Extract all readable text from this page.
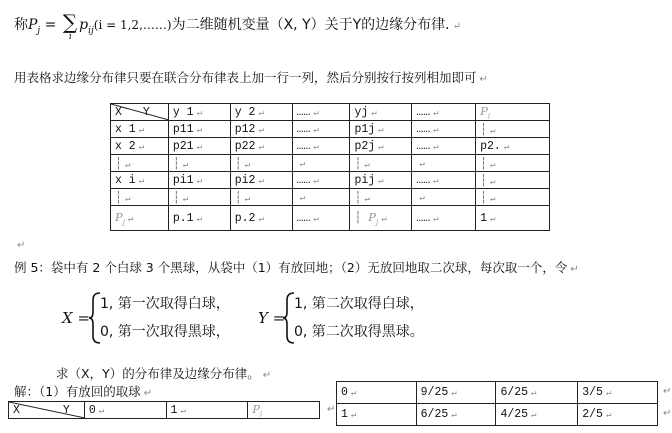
称$P_j$ = ∑
i
$p_{ij}(i$ = 1,2,……)为二维随机变量（X, Y）关于Y的边缘分布律. ↵
用表格求边缘分布律只要在联合分布律表上加一行一列，然后分别按行按列相加即可 ↵
X Y	y 1 ↵	y 2 ↵	…… ↵	yj ↵	…… ↵	$P_i$
x 1 ↵	p11 ↵	p12 ↵	…… ↵	p1j ↵	…… ↵	┆ ↵
x 2 ↵	p21 ↵	p22 ↵	…… ↵	p2j ↵	…… ↵	p2. ↵
┆ ↵	┆ ↵	┆ ↵	↵	┆ ↵	↵	┆ ↵
x i ↵	pi1 ↵	pi2 ↵	…… ↵	pij ↵	…… ↵	┆ ↵
┆ ↵	┆ ↵	┆ ↵	↵	┆ ↵	↵	┆ ↵
$P_j$ ↵	p.1 ↵	p.2 ↵	…… ↵	┆ $P_j$ ↵	…… ↵	1 ↵
↵
例 5：袋中有 2 个白球 3 个黑球，从袋中（1）有放回地；（2）无放回地取二次球，每次取一个，令 ↵
X =
1, 第一次取得白球，
0, 第一次取得黑球，
Y =
1, 第二次取得白球，
0, 第二次取得黑球。
求（X，Y）的分布律及边缘分布律。 ↵
解：（1）有放回的取球 ↵
X	Y	0 ↵	1 ↵	$P_i$	↵
0 ↵	9/25 ↵	6/25 ↵	3/5 ↵
1 ↵	6/25 ↵	4/25 ↵	2/5 ↵
↵
↵
